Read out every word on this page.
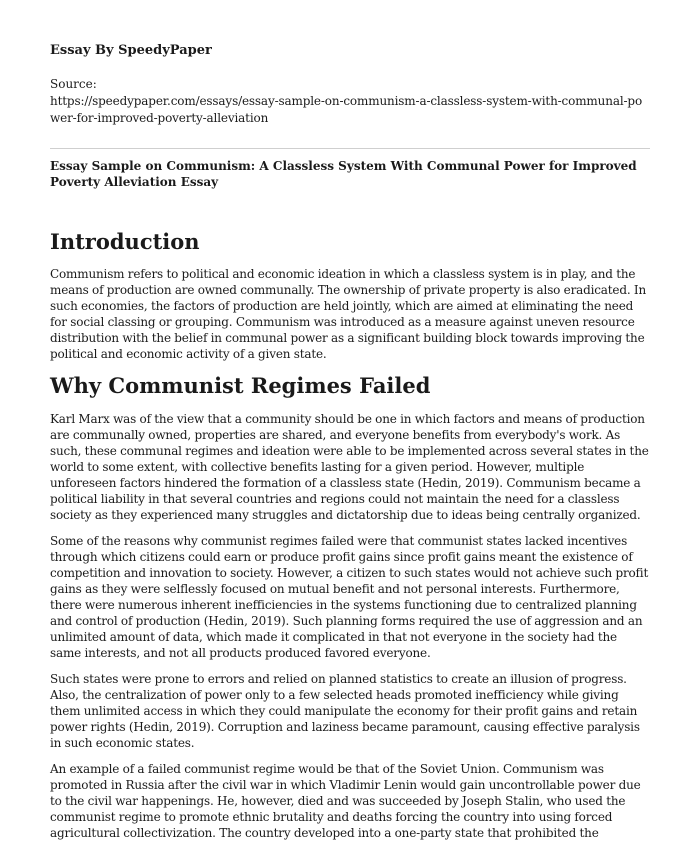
Essay By SpeedyPaper

Source:

https://speedypaper.com/essays/essay-sample-on-communism-a-classless-system-with-communal-power-for-improved-poverty-alleviation

Essay Sample on Communism: A Classless System With Communal Power for Improved Poverty Alleviation Essay

Introduction

Communism refers to political and economic ideation in which a classless system is in play, and the means of production are owned communally. The ownership of private property is also eradicated. In such economies, the factors of production are held jointly, which are aimed at eliminating the need for social classing or grouping. Communism was introduced as a measure against uneven resource distribution with the belief in communal power as a significant building block towards improving the political and economic activity of a given state.

Why Communist Regimes Failed

Karl Marx was of the view that a community should be one in which factors and means of production are communally owned, properties are shared, and everyone benefits from everybody's work. As such, these communal regimes and ideation were able to be implemented across several states in the world to some extent, with collective benefits lasting for a given period. However, multiple unforeseen factors hindered the formation of a classless state (Hedin, 2019). Communism became a political liability in that several countries and regions could not maintain the need for a classless society as they experienced many struggles and dictatorship due to ideas being centrally organized.

Some of the reasons why communist regimes failed were that communist states lacked incentives through which citizens could earn or produce profit gains since profit gains meant the existence of competition and innovation to society. However, a citizen to such states would not achieve such profit gains as they were selflessly focused on mutual benefit and not personal interests. Furthermore, there were numerous inherent inefficiencies in the systems functioning due to centralized planning and control of production (Hedin, 2019). Such planning forms required the use of aggression and an unlimited amount of data, which made it complicated in that not everyone in the society had the same interests, and not all products produced favored everyone.

Such states were prone to errors and relied on planned statistics to create an illusion of progress. Also, the centralization of power only to a few selected heads promoted inefficiency while giving them unlimited access in which they could manipulate the economy for their profit gains and retain power rights (Hedin, 2019). Corruption and laziness became paramount, causing effective paralysis in such economic states.

An example of a failed communist regime would be that of the Soviet Union. Communism was promoted in Russia after the civil war in which Vladimir Lenin would gain uncontrollable power due to the civil war happenings. He, however, died and was succeeded by Joseph Stalin, who used the communist regime to promote ethnic brutality and deaths forcing the country into using forced agricultural collectivization. The country developed into a one-party state that prohibited the
